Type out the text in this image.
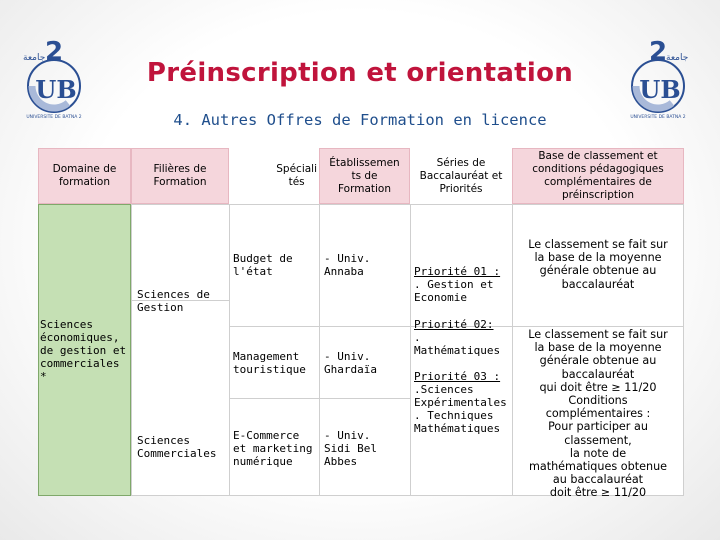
2
UB
جامعة
UNIVERSITE DE BATNA 2
2
UB
جامعة
UNIVERSITE DE BATNA 2
Préinscription et orientation
4. Autres Offres de Formation en licence
Domaine de
formation
Filières de
Formation
Spéciali
tés
Établissemen
ts de
Formation
Séries de
Baccalauréat et
Priorités
Base de classement et
conditions pédagogiques
complémentaires de
préinscription
Sciences
économiques,
de gestion et
commerciales
*
Sciences de
Gestion
Sciences
Commerciales
Budget de
l'état
Management
touristique
E-Commerce
et marketing
numérique
- Univ.
Annaba
- Univ.
Ghardaïa
- Univ.
Sidi Bel
Abbes
Priorité 01 :
. Gestion et
Economie
Priorité 02:
.
Mathématiques
Priorité 03 :
.Sciences
Expérimentales
. Techniques
Mathématiques
Le classement se fait sur
la base de la moyenne
générale obtenue au
baccalauréat
Le classement se fait sur
la base de la moyenne
générale obtenue au
baccalauréat
qui doit être ≥ 11/20
Conditions
complémentaires :
Pour participer au
classement,
la note de
mathématiques obtenue
au baccalauréat
doit être ≥ 11/20
